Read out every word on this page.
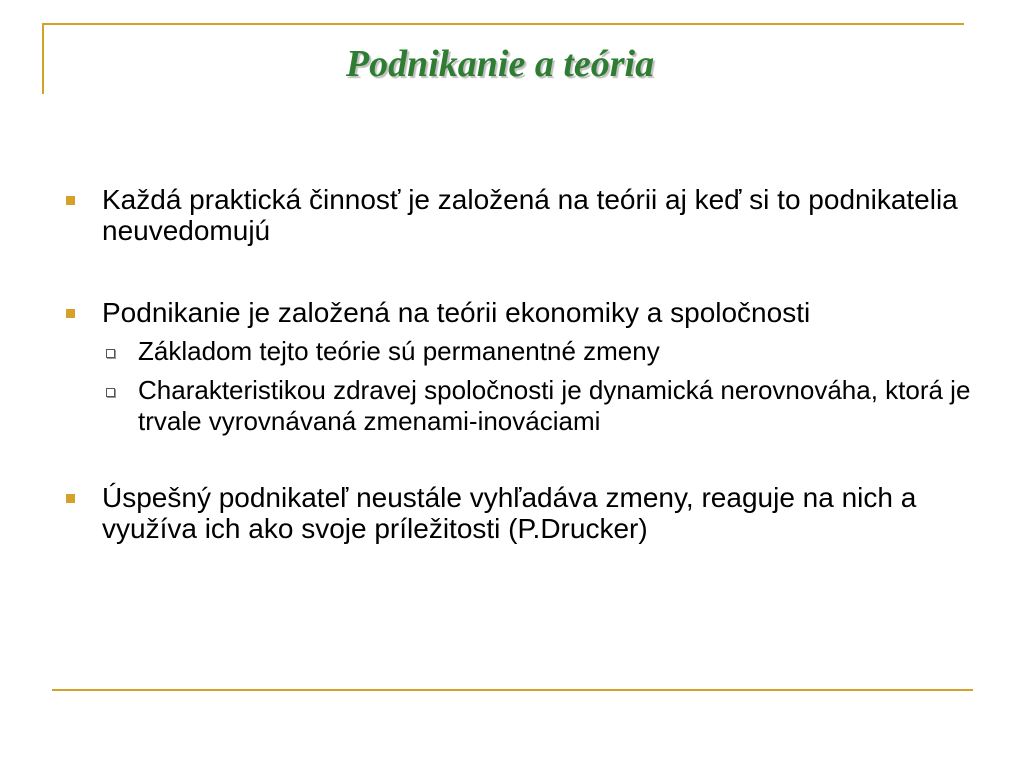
Podnikanie a teória
Každá praktická činnosť je založená na teórii aj keď si to podnikatelia neuvedomujú
Podnikanie je založená na teórii ekonomiky a spoločnosti
Základom tejto teórie sú permanentné zmeny
Charakteristikou zdravej spoločnosti je dynamická nerovnováha, ktorá je trvale vyrovnávaná zmenami-inováciami
Úspešný podnikateľ neustále vyhľadáva zmeny, reaguje na nich a využíva ich ako svoje príležitosti (P.Drucker)
